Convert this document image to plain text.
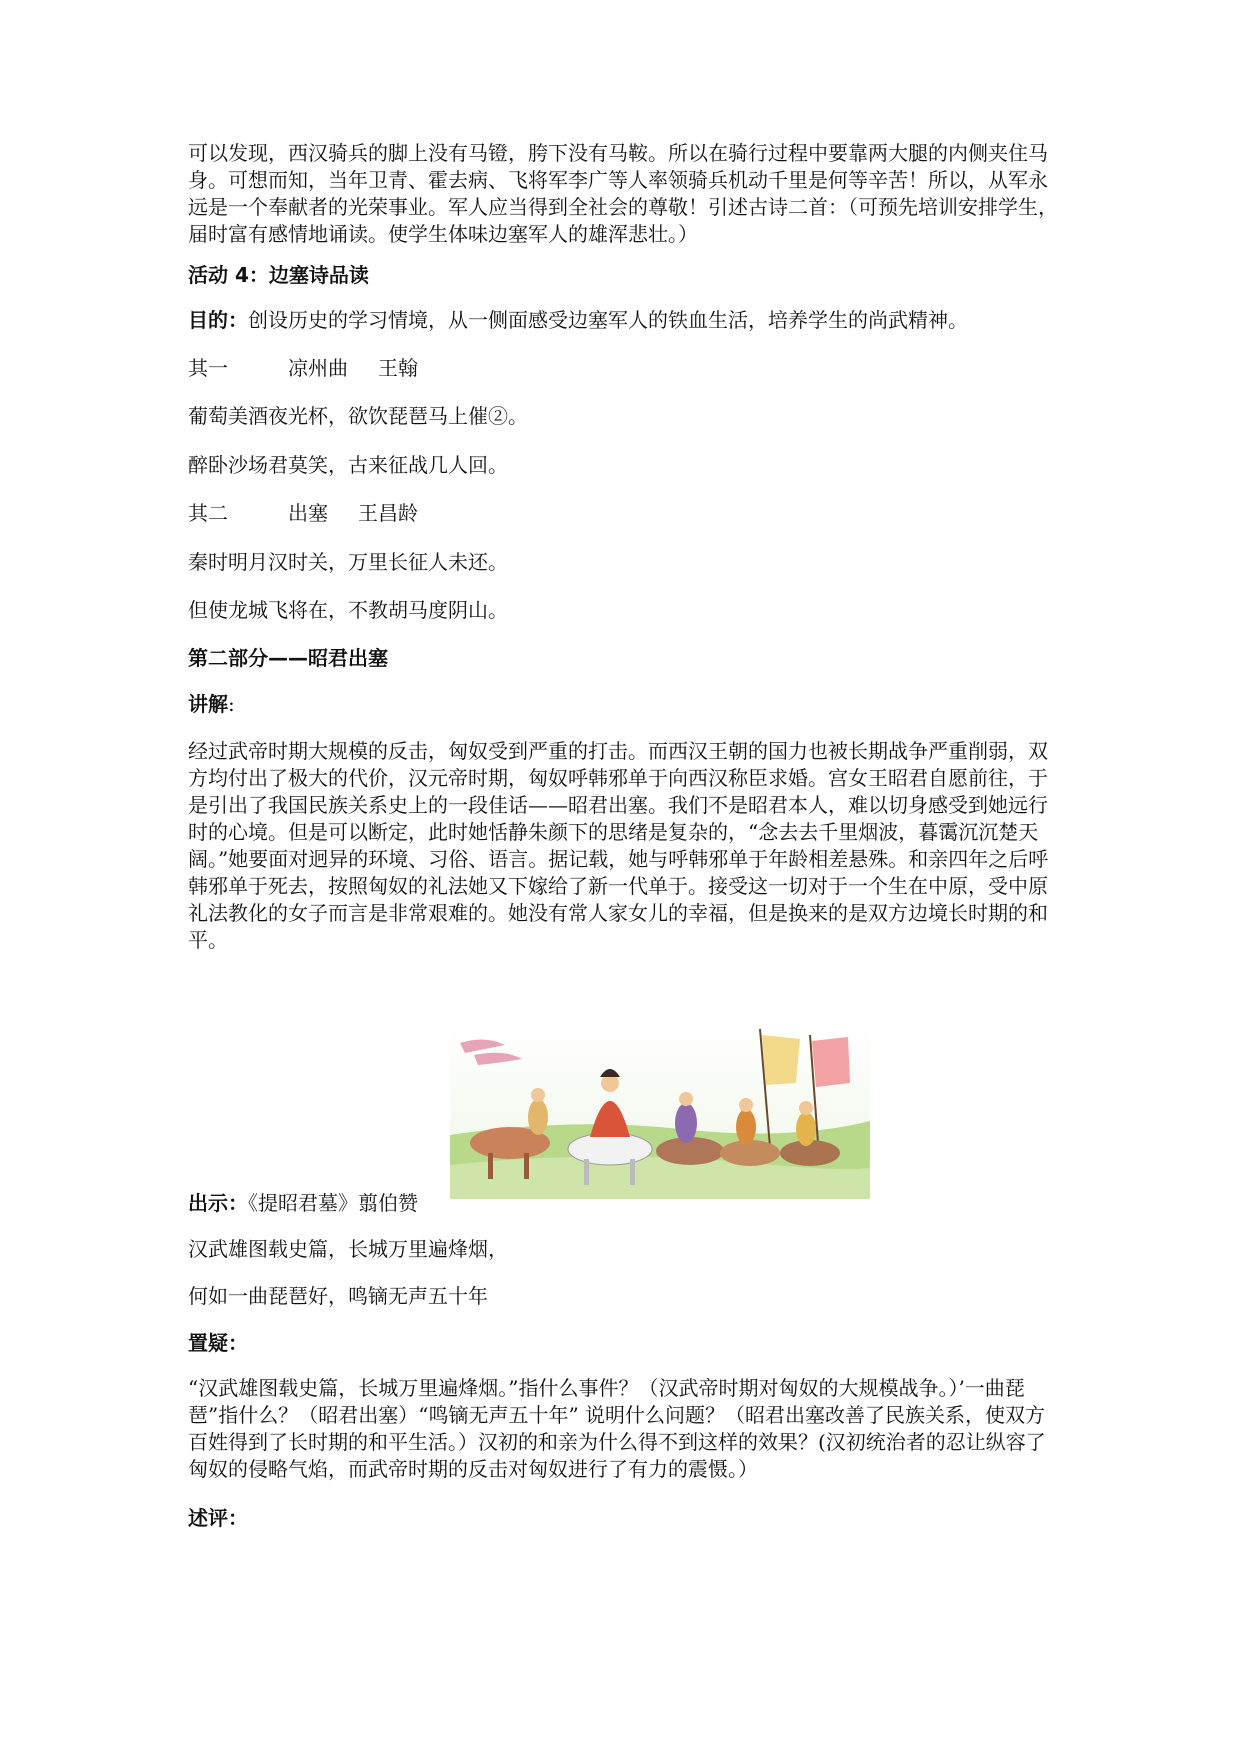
可以发现，西汉骑兵的脚上没有马镫，胯下没有马鞍。所以在骑行过程中要靠两大腿的内侧夹住马身。可想而知，当年卫青、霍去病、飞将军李广等人率领骑兵机动千里是何等辛苦！所以，从军永远是一个奉献者的光荣事业。军人应当得到全社会的尊敬！引述古诗二首：（可预先培训安排学生，届时富有感情地诵读。使学生体味边塞军人的雄浑悲壮。）
活动 4：边塞诗品读
目的：创设历史的学习情境，从一侧面感受边塞军人的铁血生活，培养学生的尚武精神。
其一	凉州曲 王翰
葡萄美酒夜光杯，欲饮琵琶马上催②。
醉卧沙场君莫笑，古来征战几人回。
其二	出塞 王昌龄
秦时明月汉时关，万里长征人未还。
但使龙城飞将在，不教胡马度阴山。
第二部分——昭君出塞
讲解:
经过武帝时期大规模的反击，匈奴受到严重的打击。而西汉王朝的国力也被长期战争严重削弱，双方均付出了极大的代价，汉元帝时期，匈奴呼韩邪单于向西汉称臣求婚。宫女王昭君自愿前往，于是引出了我国民族关系史上的一段佳话——昭君出塞。我们不是昭君本人，难以切身感受到她远行时的心境。但是可以断定，此时她恬静朱颜下的思绪是复杂的，“念去去千里烟波，暮霭沉沉楚天阔。”她要面对迥异的环境、习俗、语言。据记载，她与呼韩邪单于年龄相差悬殊。和亲四年之后呼韩邪单于死去，按照匈奴的礼法她又下嫁给了新一代单于。接受这一切对于一个生在中原，受中原礼法教化的女子而言是非常艰难的。她没有常人家女儿的幸福，但是换来的是双方边境长时期的和平。
出示：《提昭君墓》翦伯赞
汉武雄图载史篇，长城万里遍烽烟，
何如一曲琵琶好，鸣镝无声五十年
置疑：
“汉武雄图载史篇，长城万里遍烽烟。”指什么事件？（汉武帝时期对匈奴的大规模战争。）’一曲琵琶”指什么？（昭君出塞）“鸣镝无声五十年” 说明什么问题？（昭君出塞改善了民族关系，使双方百姓得到了长时期的和平生活。）汉初的和亲为什么得不到这样的效果？(汉初统治者的忍让纵容了匈奴的侵略气焰，而武帝时期的反击对匈奴进行了有力的震慑。）
述评：
